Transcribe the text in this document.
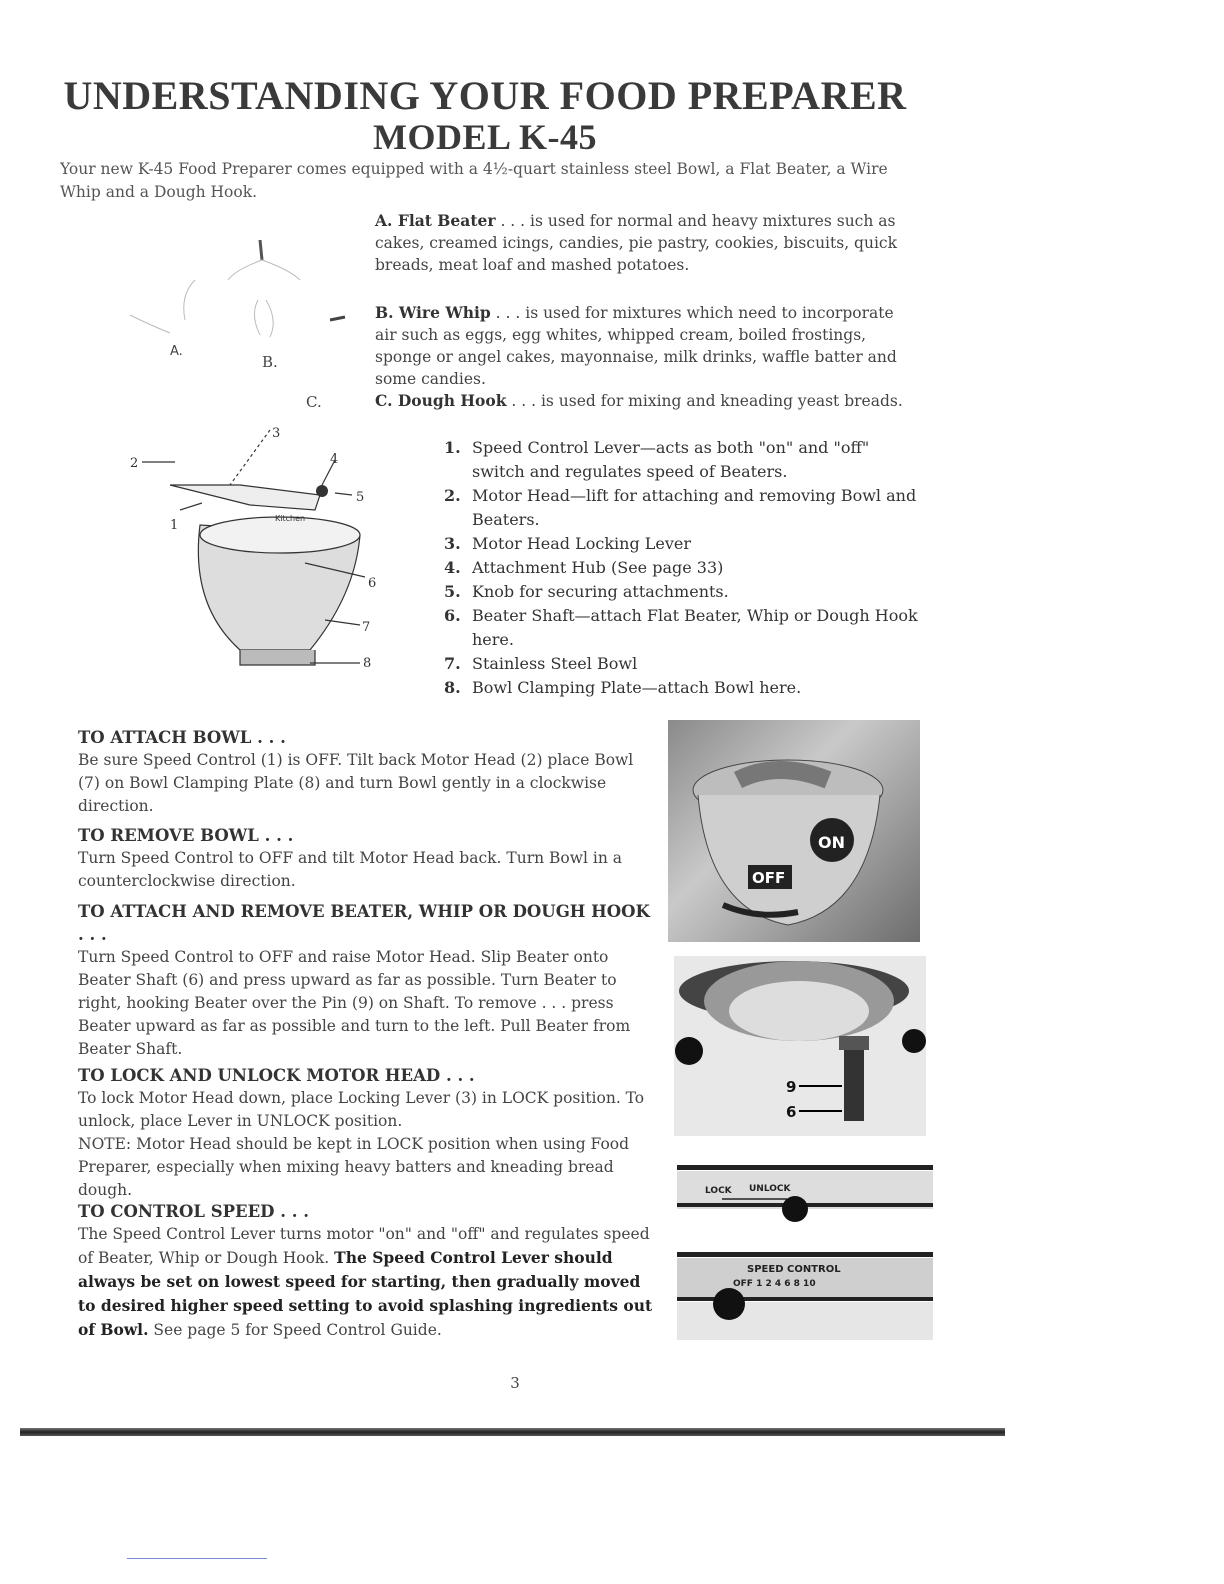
UNDERSTANDING YOUR FOOD PREPARER
MODEL K-45
Your new K-45 Food Preparer comes equipped with a 4½-quart stainless steel Bowl, a Flat Beater, a Wire Whip and a Dough Hook.
A.
B.
C.
Kitchen
1
2
3
4
5
6
7
8
A. Flat Beater . . . is used for normal and heavy mixtures such as cakes, creamed icings, candies, pie pastry, cookies, biscuits, quick breads, meat loaf and mashed potatoes.
B. Wire Whip . . . is used for mixtures which need to incorporate air such as eggs, egg whites, whipped cream, boiled frostings, sponge or angel cakes, mayonnaise, milk drinks, waffle batter and some candies.
C. Dough Hook . . . is used for mixing and kneading yeast breads.
1. Speed Control Lever—acts as both "on" and "off" switch and regulates speed of Beaters.
2. Motor Head—lift for attaching and removing Bowl and Beaters.
3. Motor Head Locking Lever
4. Attachment Hub (See page 33)
5. Knob for securing attachments.
6. Beater Shaft—attach Flat Beater, Whip or Dough Hook here.
7. Stainless Steel Bowl
8. Bowl Clamping Plate—attach Bowl here.
TO ATTACH BOWL . . .
Be sure Speed Control (1) is OFF. Tilt back Motor Head (2) place Bowl (7) on Bowl Clamping Plate (8) and turn Bowl gently in a clockwise direction.
TO REMOVE BOWL . . .
Turn Speed Control to OFF and tilt Motor Head back. Turn Bowl in a counterclockwise direction.
TO ATTACH AND REMOVE BEATER, WHIP OR DOUGH HOOK . . .
Turn Speed Control to OFF and raise Motor Head. Slip Beater onto Beater Shaft (6) and press upward as far as possible. Turn Beater to right, hooking Beater over the Pin (9) on Shaft. To remove . . . press Beater upward as far as possible and turn to the left. Pull Beater from Beater Shaft.
TO LOCK AND UNLOCK MOTOR HEAD . . .
To lock Motor Head down, place Locking Lever (3) in LOCK position. To unlock, place Lever in UNLOCK position.
NOTE: Motor Head should be kept in LOCK position when using Food Preparer, especially when mixing heavy batters and kneading bread dough.
TO CONTROL SPEED . . .
The Speed Control Lever turns motor "on" and "off" and regulates speed of Beater, Whip or Dough Hook. The Speed Control Lever should always be set on lowest speed for starting, then gradually moved to desired higher speed setting to avoid splashing ingredients out of Bowl. See page 5 for Speed Control Guide.
ON
OFF
9
6
LOCK UNLOCK
SPEED CONTROL
OFF 1 2 4 6 8 10
3
